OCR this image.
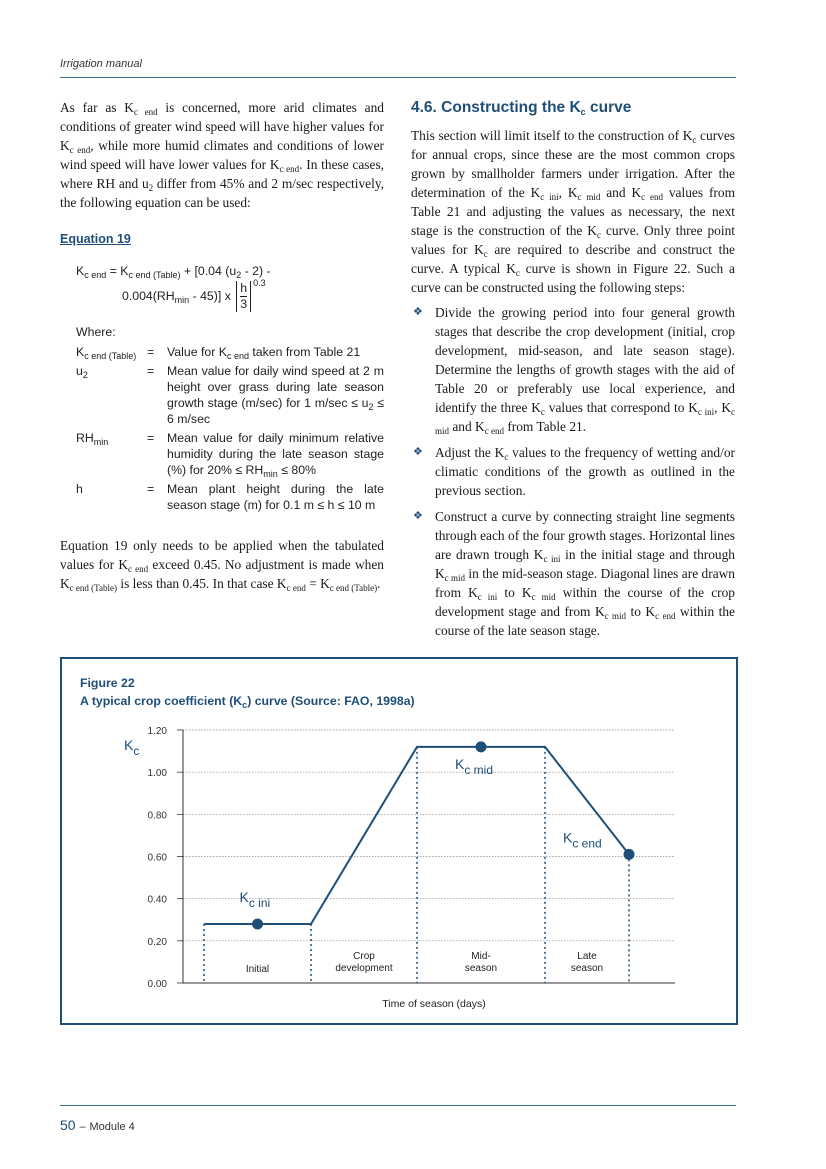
Irrigation manual

As far as $K_{c end}$ is concerned, more arid climates and conditions of greater wind speed will have higher values for $K_{c end}$, while more humid climates and conditions of lower wind speed will have lower values for $K_{c end}$. In these cases, where RH and $u_2$ differ from 45% and 2 m/sec respectively, the following equation can be used:

Equation 19
$K_{c end} = K_{c end (Table)} + [0.04$ $(u_2 - 2)$ -
$0.004(RH_{min} - 45)$] x $\frac{h}{3} ^{0.3}$
Where:
$K_{c end (Table)}$	=	Value for $K_{c end}$ taken from Table 21
$u_2$	=	Mean value for daily wind speed at 2 m height over grass during late season growth stage (m/sec) for 1 $m/\sec \le u_2 \le 6$ m/sec
$RH_{min}$	=	Mean value for daily minimum relative humidity during the late season stage (%) for $20\% \le RH_{min} \le 80\%$
h	=	Mean plant height during the late season stage (m) for 0.1 m ≤ h ≤ 10 m

Equation 19 only needs to be applied when the tabulated values for $K_{c end}$ exceed 0.45. No adjustment is made when $K_{c end (Table)}$ is less than 0.45. In that case $K_{c end} = K_{c end (Table)}$.

4.6. Constructing the $K_c$ curve

This section will limit itself to the construction of $K_c$ curves for annual crops, since these are the most common crops grown by smallholder farmers under irrigation. After the determination of the $K_{c ini}$, $K_{c mid}$ and $K_{c end}$ values from Table 21 and adjusting the values as necessary, the next stage is the construction of the $K_c$ curve. Only three point values for $K_c$ are required to describe and construct the curve. A typical $K_c$ curve is shown in Figure 22. Such a curve can be constructed using the following steps:

❖ Divide the growing period into four general growth stages that describe the crop development (initial, crop development, mid-season, and late season stage). Determine the lengths of growth stages with the aid of Table 20 or preferably use local experience, and identify the three $K_c$ values that correspond to $K_{c ini}$, $K_{c mid}$ and $K_{c end}$ from Table 21.
❖ Adjust the $K_c$ values to the frequency of wetting and/or climatic conditions of the growth as outlined in the previous section.
❖ Construct a curve by connecting straight line segments through each of the four growth stages. Horizontal lines are drawn trough $K_{c ini}$ in the initial stage and through $K_{c mid}$ in the mid-season stage. Diagonal lines are drawn from $K_{c ini}$ to $K_{c mid}$ within the course of the crop development stage and from $K_{c mid}$ to $K_{c end}$ within the course of the late season stage.
Figure 22
A typical crop coefficient $(K_c)$ curve (Source: FAO, 1998a)
0.00
0.20
0.40
0.60
0.80
1.00
1.20
Initial
Crop development
Mid-season
Late season
Kc ini
Kc mid
Kc end
Kc
Time of season (days)
50 – Module 4
